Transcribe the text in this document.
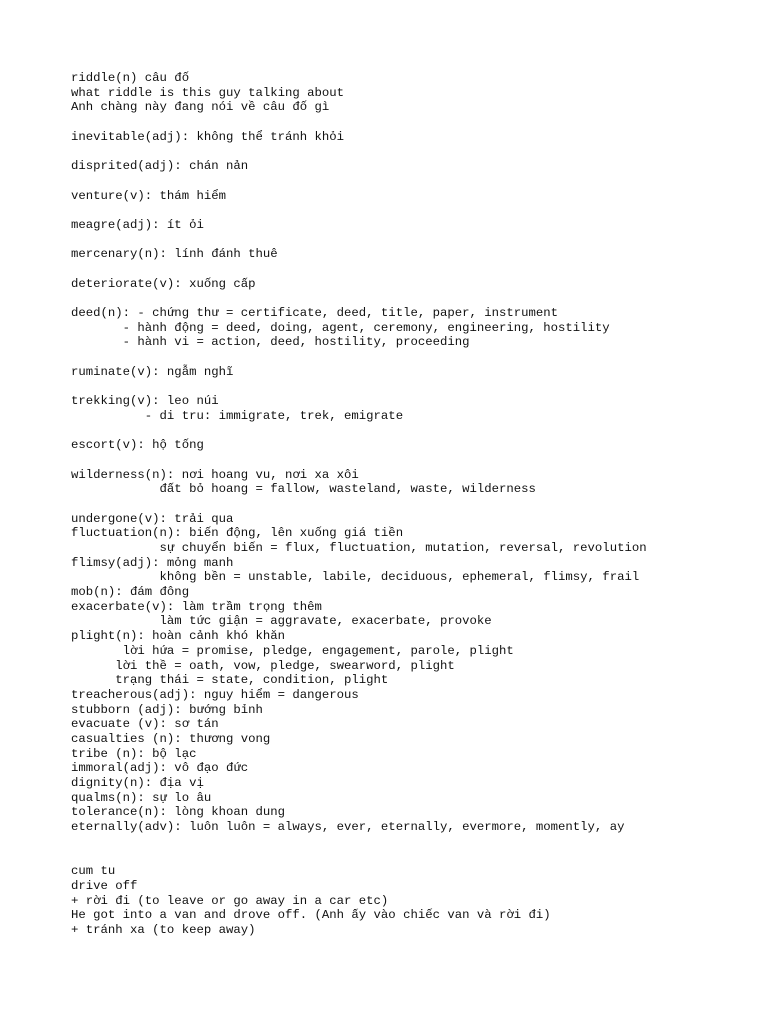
riddle(n) câu đố
what riddle is this guy talking about
Anh chàng này đang nói về câu đố gì
inevitable(adj): không thể tránh khỏi
disprited(adj): chán nản
venture(v): thám hiểm
meagre(adj): ít ỏi
mercenary(n): lính đánh thuê
deteriorate(v): xuống cấp
deed(n): - chứng thư = certificate, deed, title, paper, instrument
- hành động = deed, doing, agent, ceremony, engineering, hostility
- hành vi = action, deed, hostility, proceeding
ruminate(v): ngẫm nghĩ
trekking(v): leo núi
- di tru: immigrate, trek, emigrate
escort(v): hộ tống
wilderness(n): nơi hoang vu, nơi xa xôi
đất bỏ hoang = fallow, wasteland, waste, wilderness
undergone(v): trải qua
fluctuation(n): biến động, lên xuống giá tiền
sự chuyển biến = flux, fluctuation, mutation, reversal, revolution
flimsy(adj): mỏng manh
không bền = unstable, labile, deciduous, ephemeral, flimsy, frail
mob(n): đám đông
exacerbate(v): làm trầm trọng thêm
làm tức giận = aggravate, exacerbate, provoke
plight(n): hoàn cảnh khó khăn
lời hứa = promise, pledge, engagement, parole, plight
lời thề = oath, vow, pledge, swearword, plight
trạng thái = state, condition, plight
treacherous(adj): nguy hiểm = dangerous
stubborn (adj): bướng bỉnh
evacuate (v): sơ tán
casualties (n): thương vong
tribe (n): bộ lạc
immoral(adj): vô đạo đức
dignity(n): địa vị
qualms(n): sự lo âu
tolerance(n): lòng khoan dung
eternally(adv): luôn luôn = always, ever, eternally, evermore, momently, ay
cum tu
drive off
+ rời đi (to leave or go away in a car etc)
He got into a van and drove off. (Anh ấy vào chiếc van và rời đi)
+ tránh xa (to keep away)
